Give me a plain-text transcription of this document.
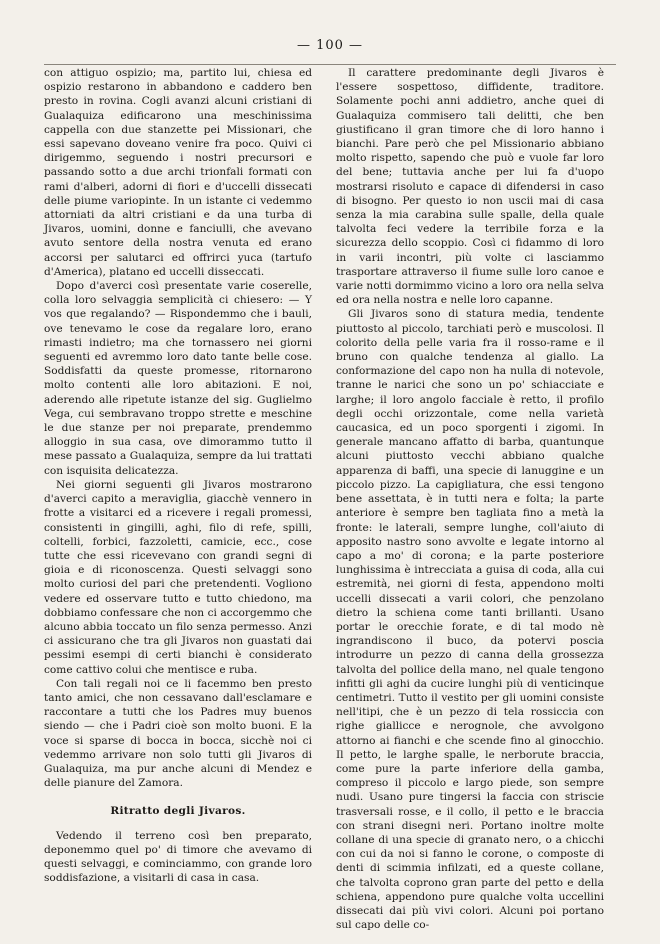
— 100 —

con attiguo ospizio; ma, partito lui, chiesa ed ospizio restarono in abbandono e caddero ben presto in rovina. Cogli avanzi alcuni cristiani di Gualaquiza edificarono una meschinissima cappella con due stanzette pei Missionari, che essi sapevano doveano venire fra poco. Quivi ci dirigemmo, seguendo i nostri precursori e passando sotto a due archi trionfali formati con rami d'alberi, adorni di fiori e d'uccelli dissecati delle piume variopinte. In un istante ci vedemmo attorniati da altri cristiani e da una turba di Jivaros, uomini, donne e fanciulli, che avevano avuto sentore della nostra venuta ed erano accorsi per salutarci ed offrirci yuca (tartufo d'America), platano ed uccelli disseccati.

Dopo d'averci così presentate varie coserelle, colla loro selvaggia semplicità ci chiesero: — Y vos que regalando? — Rispondemmo che i bauli, ove tenevamo le cose da regalare loro, erano rimasti indietro; ma che tornassero nei giorni seguenti ed avremmo loro dato tante belle cose. Soddisfatti da queste promesse, ritornarono molto contenti alle loro abitazioni. E noi, aderendo alle ripetute istanze del sig. Guglielmo Vega, cui sembravano troppo strette e meschine le due stanze per noi preparate, prendemmo alloggio in sua casa, ove dimorammo tutto il mese passato a Gualaquiza, sempre da lui trattati con isquisita delicatezza.

Nei giorni seguenti gli Jivaros mostrarono d'averci capito a meraviglia, giacchè vennero in frotte a visitarci ed a ricevere i regali promessi, consistenti in gingilli, aghi, filo di refe, spilli, coltelli, forbici, fazzoletti, camicie, ecc., cose tutte che essi ricevevano con grandi segni di gioia e di riconoscenza. Questi selvaggi sono molto curiosi del pari che pretendenti. Vogliono vedere ed osservare tutto e tutto chiedono, ma dobbiamo confessare che non ci accorgemmo che alcuno abbia toccato un filo senza permesso. Anzi ci assicurano che tra gli Jivaros non guastati dai pessimi esempi di certi bianchi è considerato come cattivo colui che mentisce e ruba.

Con tali regali noi ce li facemmo ben presto tanto amici, che non cessavano dall'esclamare e raccontare a tutti che los Padres muy buenos siendo — che i Padri cioè son molto buoni. E la voce si sparse di bocca in bocca, sicchè noi ci vedemmo arrivare non solo tutti gli Jivaros di Gualaquiza, ma pur anche alcuni di Mendez e delle pianure del Zamora.

Ritratto degli Jivaros.

Vedendo il terreno così ben preparato, deponemmo quel po' di timore che avevamo di questi selvaggi, e cominciammo, con grande loro soddisfazione, a visitarli di casa in casa.

Il carattere predominante degli Jivaros è l'essere sospettoso, diffidente, traditore. Solamente pochi anni addietro, anche quei di Gualaquiza commisero tali delitti, che ben giustificano il gran timore che di loro hanno i bianchi. Pare però che pel Missionario abbiano molto rispetto, sapendo che può e vuole far loro del bene; tuttavia anche per lui fa d'uopo mostrarsi risoluto e capace di difendersi in caso di bisogno. Per questo io non uscii mai di casa senza la mia carabina sulle spalle, della quale talvolta feci vedere la terribile forza e la sicurezza dello scoppio. Così ci fidammo di loro in varii incontri, più volte ci lasciammo trasportare attraverso il fiume sulle loro canoe e varie notti dormimmo vicino a loro ora nella selva ed ora nella nostra e nelle loro capanne.

Gli Jivaros sono di statura media, tendente piuttosto al piccolo, tarchiati però e muscolosi. Il colorito della pelle varia fra il rosso-rame e il bruno con qualche tendenza al giallo. La conformazione del capo non ha nulla di notevole, tranne le narici che sono un po' schiacciate e larghe; il loro angolo facciale è retto, il profilo degli occhi orizzontale, come nella varietà caucasica, ed un poco sporgenti i zigomi. In generale mancano affatto di barba, quantunque alcuni piuttosto vecchi abbiano qualche apparenza di baffi, una specie di lanuggine e un piccolo pizzo. La capigliatura, che essi tengono bene assettata, è in tutti nera e folta; la parte anteriore è sempre ben tagliata fino a metà la fronte: le laterali, sempre lunghe, coll'aiuto di apposito nastro sono avvolte e legate intorno al capo a mo' di corona; e la parte posteriore lunghissima è intrecciata a guisa di coda, alla cui estremità, nei giorni di festa, appendono molti uccelli dissecati a varii colori, che penzolano dietro la schiena come tanti brillanti. Usano portar le orecchie forate, e di tal modo nè ingrandiscono il buco, da potervi poscia introdurre un pezzo di canna della grossezza talvolta del pollice della mano, nel quale tengono infitti gli aghi da cucire lunghi più di venticinque centimetri. Tutto il vestito per gli uomini consiste nell'itipi, che è un pezzo di tela rossiccia con righe giallicce e nerognole, che avvolgono attorno ai fianchi e che scende fino al ginocchio. Il petto, le larghe spalle, le nerborute braccia, come pure la parte inferiore della gamba, compreso il piccolo e largo piede, son sempre nudi. Usano pure tingersi la faccia con striscie trasversali rosse, e il collo, il petto e le braccia con strani disegni neri. Portano inoltre molte collane di una specie di granato nero, o a chicchi con cui da noi si fanno le corone, o composte di denti di scimmia infilzati, ed a queste collane, che talvolta coprono gran parte del petto e della schiena, appendono pure qualche volta uccellini dissecati dai più vivi colori. Alcuni poi portano sul capo delle co-
